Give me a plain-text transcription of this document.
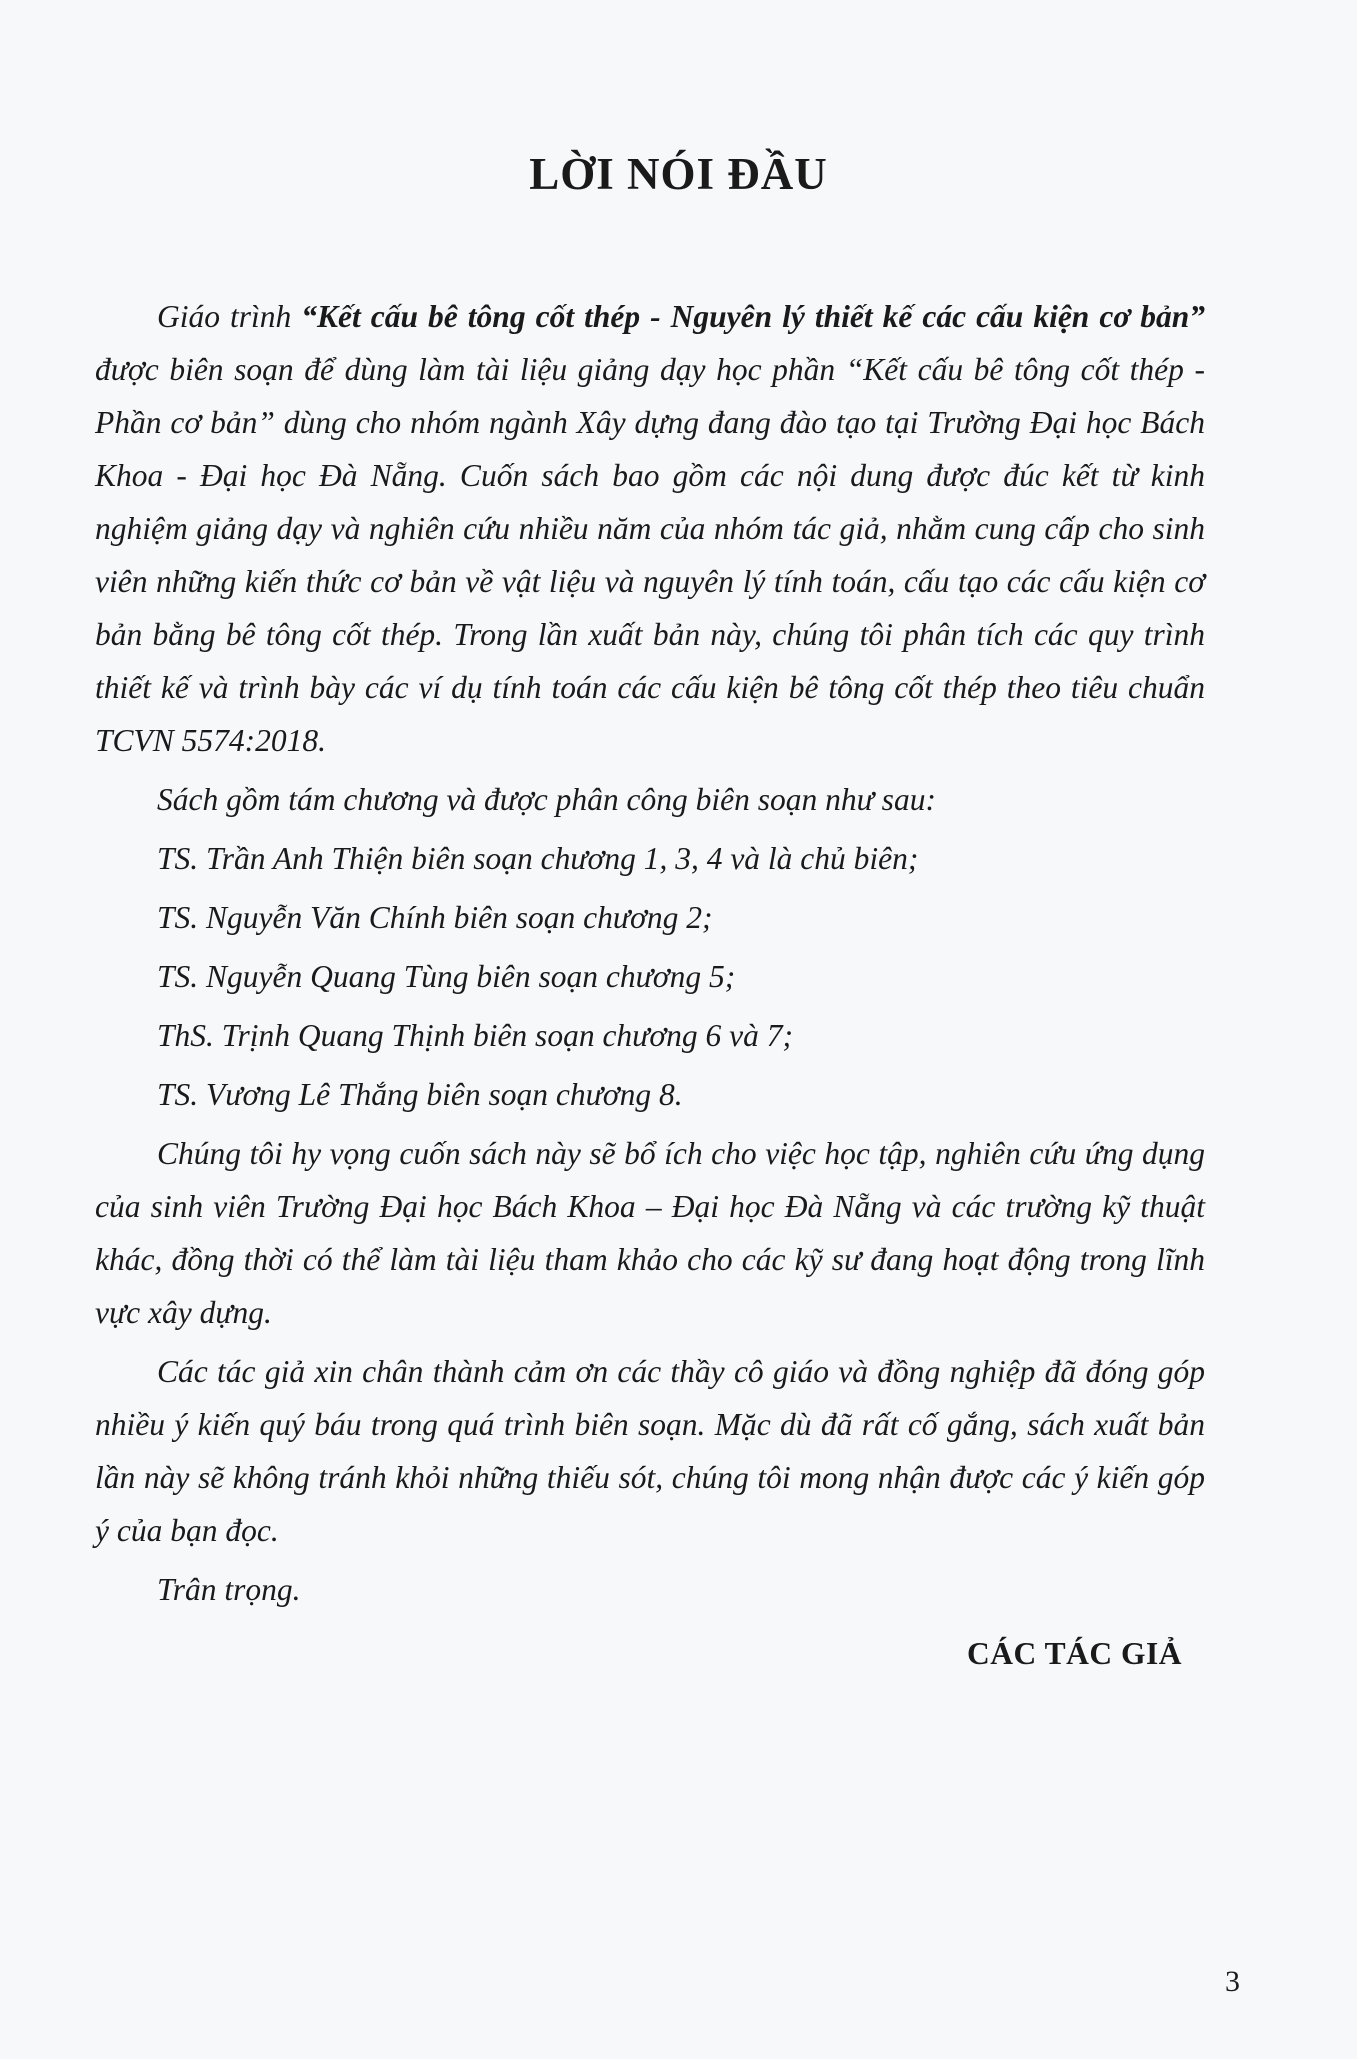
LỜI NÓI ĐẦU

Giáo trình “Kết cấu bê tông cốt thép - Nguyên lý thiết kế các cấu kiện cơ bản” được biên soạn để dùng làm tài liệu giảng dạy học phần “Kết cấu bê tông cốt thép - Phần cơ bản” dùng cho nhóm ngành Xây dựng đang đào tạo tại Trường Đại học Bách Khoa - Đại học Đà Nẵng. Cuốn sách bao gồm các nội dung được đúc kết từ kinh nghiệm giảng dạy và nghiên cứu nhiều năm của nhóm tác giả, nhằm cung cấp cho sinh viên những kiến thức cơ bản về vật liệu và nguyên lý tính toán, cấu tạo các cấu kiện cơ bản bằng bê tông cốt thép. Trong lần xuất bản này, chúng tôi phân tích các quy trình thiết kế và trình bày các ví dụ tính toán các cấu kiện bê tông cốt thép theo tiêu chuẩn TCVN 5574:2018.

Sách gồm tám chương và được phân công biên soạn như sau:

TS. Trần Anh Thiện biên soạn chương 1, 3, 4 và là chủ biên;

TS. Nguyễn Văn Chính biên soạn chương 2;

TS. Nguyễn Quang Tùng biên soạn chương 5;

ThS. Trịnh Quang Thịnh biên soạn chương 6 và 7;

TS. Vương Lê Thắng biên soạn chương 8.

Chúng tôi hy vọng cuốn sách này sẽ bổ ích cho việc học tập, nghiên cứu ứng dụng của sinh viên Trường Đại học Bách Khoa – Đại học Đà Nẵng và các trường kỹ thuật khác, đồng thời có thể làm tài liệu tham khảo cho các kỹ sư đang hoạt động trong lĩnh vực xây dựng.

Các tác giả xin chân thành cảm ơn các thầy cô giáo và đồng nghiệp đã đóng góp nhiều ý kiến quý báu trong quá trình biên soạn. Mặc dù đã rất cố gắng, sách xuất bản lần này sẽ không tránh khỏi những thiếu sót, chúng tôi mong nhận được các ý kiến góp ý của bạn đọc.

Trân trọng.

CÁC TÁC GIẢ
3
